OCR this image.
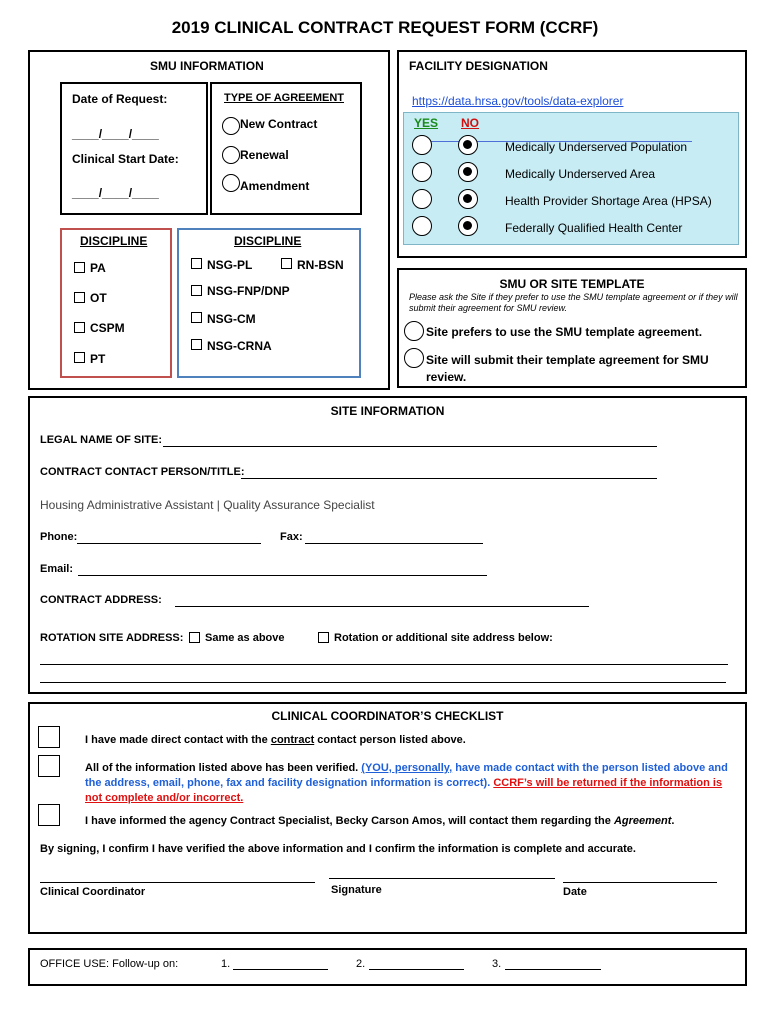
2019 CLINICAL CONTRACT REQUEST FORM (CCRF)
SMU INFORMATION
Date of Request:
____/____/____
Clinical Start Date:
____/____/____
TYPE OF AGREEMENT
New Contract
Renewal
Amendment
DISCIPLINE
PA
OT
CSPM
PT
DISCIPLINE
NSG-PL	RN-BSN
NSG-FNP/DNP
NSG-CM
NSG-CRNA
FACILITY DESIGNATION
https://data.hrsa.gov/tools/data-explorer
YES NO
Medically Underserved Population
Medically Underserved Area
Health Provider Shortage Area (HPSA)
Federally Qualified Health Center
SMU OR SITE TEMPLATE
Please ask the Site if they prefer to use the SMU template agreement or if they will submit their agreement for SMU review.
Site prefers to use the SMU template agreement.
Site will submit their template agreement for SMU review.
SITE INFORMATION
LEGAL NAME OF SITE:
CONTRACT CONTACT PERSON/TITLE:
Housing Administrative Assistant | Quality Assurance Specialist
Phone:	Fax:
Email:
CONTRACT ADDRESS:
ROTATION SITE ADDRESS: Same as above	Rotation or additional site address below:
CLINICAL COORDINATOR’S CHECKLIST
I have made direct contact with the contract contact person listed above.
All of the information listed above has been verified. (YOU, personally, have made contact with the person listed above and the address, email, phone, fax and facility designation information is correct). CCRF’s will be returned if the information is not complete and/or incorrect.
I have informed the agency Contract Specialist, Becky Carson Amos, will contact them regarding the Agreement.
By signing, I confirm I have verified the above information and I confirm the information is complete and accurate.
Clinical Coordinator	Signature	Date
OFFICE USE: Follow-up on:	1.	2.	3.
